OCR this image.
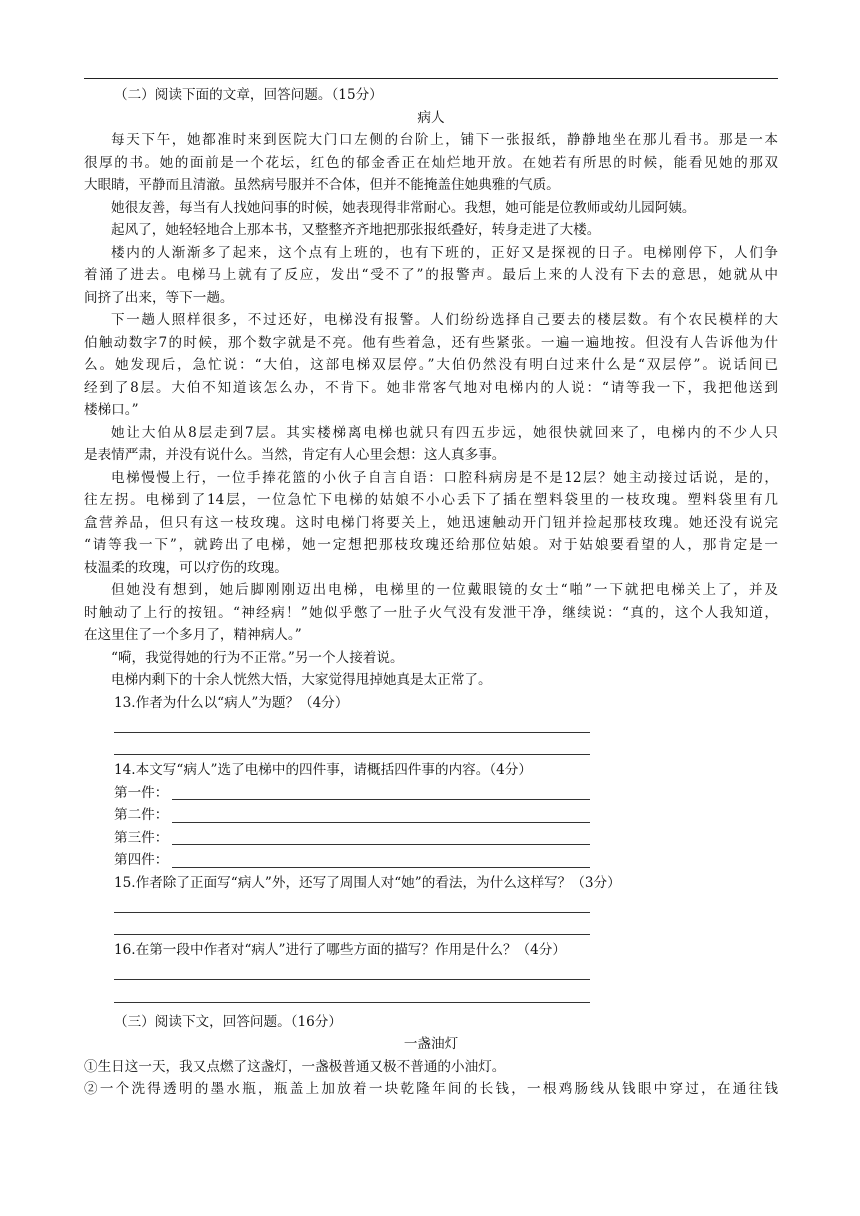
（二）阅读下面的文章，回答问题。（15分）
病人
每天下午，她都准时来到医院大门口左侧的台阶上，铺下一张报纸，静静地坐在那儿看书。那是一本
很厚的书。她的面前是一个花坛，红色的郁金香正在灿烂地开放。在她若有所思的时候，能看见她的那双
大眼睛，平静而且清澈。虽然病号服并不合体，但并不能掩盖住她典雅的气质。
她很友善，每当有人找她问事的时候，她表现得非常耐心。我想，她可能是位教师或幼儿园阿姨。
起风了，她轻轻地合上那本书，又整整齐齐地把那张报纸叠好，转身走进了大楼。
楼内的人渐渐多了起来，这个点有上班的，也有下班的，正好又是探视的日子。电梯刚停下，人们争
着涌了进去。电梯马上就有了反应，发出“受不了”的报警声。最后上来的人没有下去的意思，她就从中
间挤了出来，等下一趟。
下一趟人照样很多，不过还好，电梯没有报警。人们纷纷选择自己要去的楼层数。有个农民模样的大
伯触动数字7的时候，那个数字就是不亮。他有些着急，还有些紧张。一遍一遍地按。但没有人告诉他为什
么。她发现后，急忙说：“大伯，这部电梯双层停。”大伯仍然没有明白过来什么是“双层停”。说话间已
经到了8层。大伯不知道该怎么办，不肯下。她非常客气地对电梯内的人说：“请等我一下，我把他送到
楼梯口。”
她让大伯从8层走到7层。其实楼梯离电梯也就只有四五步远，她很快就回来了，电梯内的不少人只
是表情严肃，并没有说什么。当然，肯定有人心里会想：这人真多事。
电梯慢慢上行，一位手捧花篮的小伙子自言自语：口腔科病房是不是12层？她主动接过话说，是的，
往左拐。电梯到了14层，一位急忙下电梯的姑娘不小心丢下了插在塑料袋里的一枝玫瑰。塑料袋里有几
盒营养品，但只有这一枝玫瑰。这时电梯门将要关上，她迅速触动开门钮并捡起那枝玫瑰。她还没有说完
“请等我一下”，就跨出了电梯，她一定想把那枝玫瑰还给那位姑娘。对于姑娘要看望的人，那肯定是一
枝温柔的玫瑰，可以疗伤的玫瑰。
但她没有想到，她后脚刚刚迈出电梯，电梯里的一位戴眼镜的女士“啪”一下就把电梯关上了，并及
时触动了上行的按钮。“神经病！”她似乎憋了一肚子火气没有发泄干净，继续说：“真的，这个人我知道，
在这里住了一个多月了，精神病人。”
“嗬，我觉得她的行为不正常。”另一个人接着说。
电梯内剩下的十余人恍然大悟，大家觉得甩掉她真是太正常了。
13.作者为什么以“病人”为题？（4分）
14.本文写“病人”选了电梯中的四件事，请概括四件事的内容。（4分）
第一件：
第二件：
第三件：
第四件：
15.作者除了正面写“病人”外，还写了周围人对“她”的看法，为什么这样写？（3分）
16.在第一段中作者对“病人”进行了哪些方面的描写？作用是什么？（4分）
（三）阅读下文，回答问题。（16分）
一盏油灯
①生日这一天，我又点燃了这盏灯，一盏极普通又极不普通的小油灯。
②一个洗得透明的墨水瓶，瓶盖上加放着一块乾隆年间的长钱，一根鸡肠线从钱眼中穿过，在通往钱
